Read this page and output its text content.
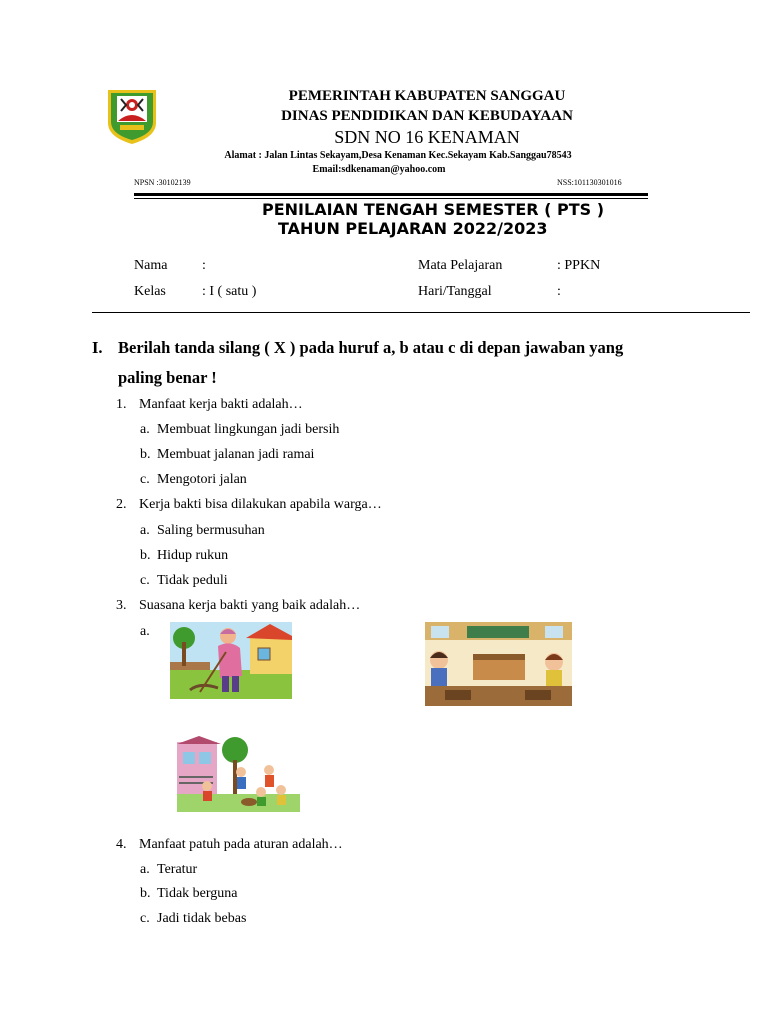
PEMERINTAH KABUPATEN SANGGAU
DINAS PENDIDIKAN DAN KEBUDAYAAN
SDN NO 16 KENAMAN
Alamat : Jalan Lintas Sekayam,Desa Kenaman Kec.Sekayam Kab.Sanggau78543
Email:sdkenaman@yahoo.com
NPSN :30102139	NSS:101130301016
PENILAIAN TENGAH SEMESTER ( PTS )
TAHUN PELAJARAN 2022/2023
Nama :	Mata Pelajaran	: PPKN
Kelas	: I ( satu )	Hari/Tanggal	:
I. Berilah tanda silang ( X ) pada huruf a, b atau c di depan jawaban yang
paling benar !
1. Manfaat kerja bakti adalah…
a. Membuat lingkungan jadi bersih
b. Membuat jalanan jadi ramai
c. Mengotori jalan
2. Kerja bakti bisa dilakukan apabila warga…
a. Saling bermusuhan
b. Hidup rukun
c. Tidak peduli
3. Suasana kerja bakti yang baik adalah…
a.
4. Manfaat patuh pada aturan adalah…
a. Teratur
b. Tidak berguna
c. Jadi tidak bebas
